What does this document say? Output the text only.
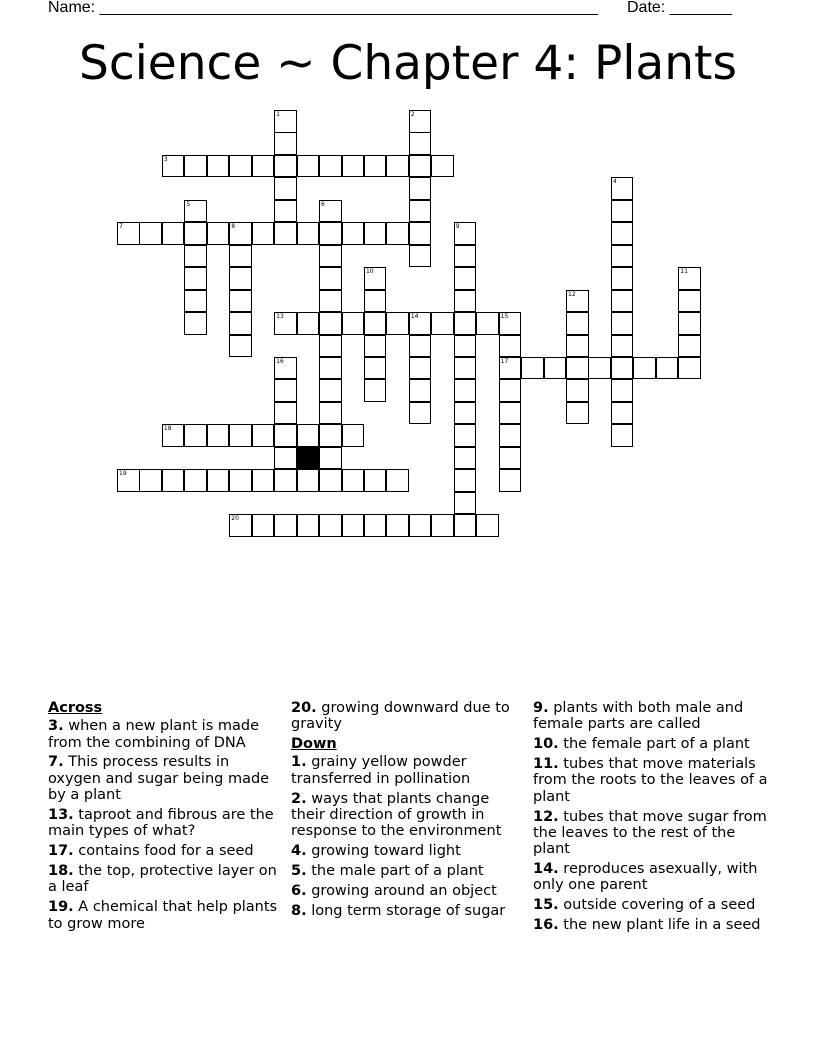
Name: ________________________________________________________ Date: _______
Science ~ Chapter 4: Plants
1	2
3
4
5	6
7	8	9
10	11
12
13	14	15
17
16
18
19
20
Across
3. when a new plant is made from the combining of DNA
7. This process results in oxygen and sugar being made by a plant
13. taproot and fibrous are the main types of what?
17. contains food for a seed
18. the top, protective layer on a leaf
19. A chemical that help plants to grow more
20. growing downward due to gravity
Down
1. grainy yellow powder transferred in pollination
2. ways that plants change their direction of growth in response to the environment
4. growing toward light
5. the male part of a plant
6. growing around an object
8. long term storage of sugar
9. plants with both male and female parts are called
10. the female part of a plant
11. tubes that move materials from the roots to the leaves of a plant
12. tubes that move sugar from the leaves to the rest of the plant
14. reproduces asexually, with only one parent
15. outside covering of a seed
16. the new plant life in a seed
